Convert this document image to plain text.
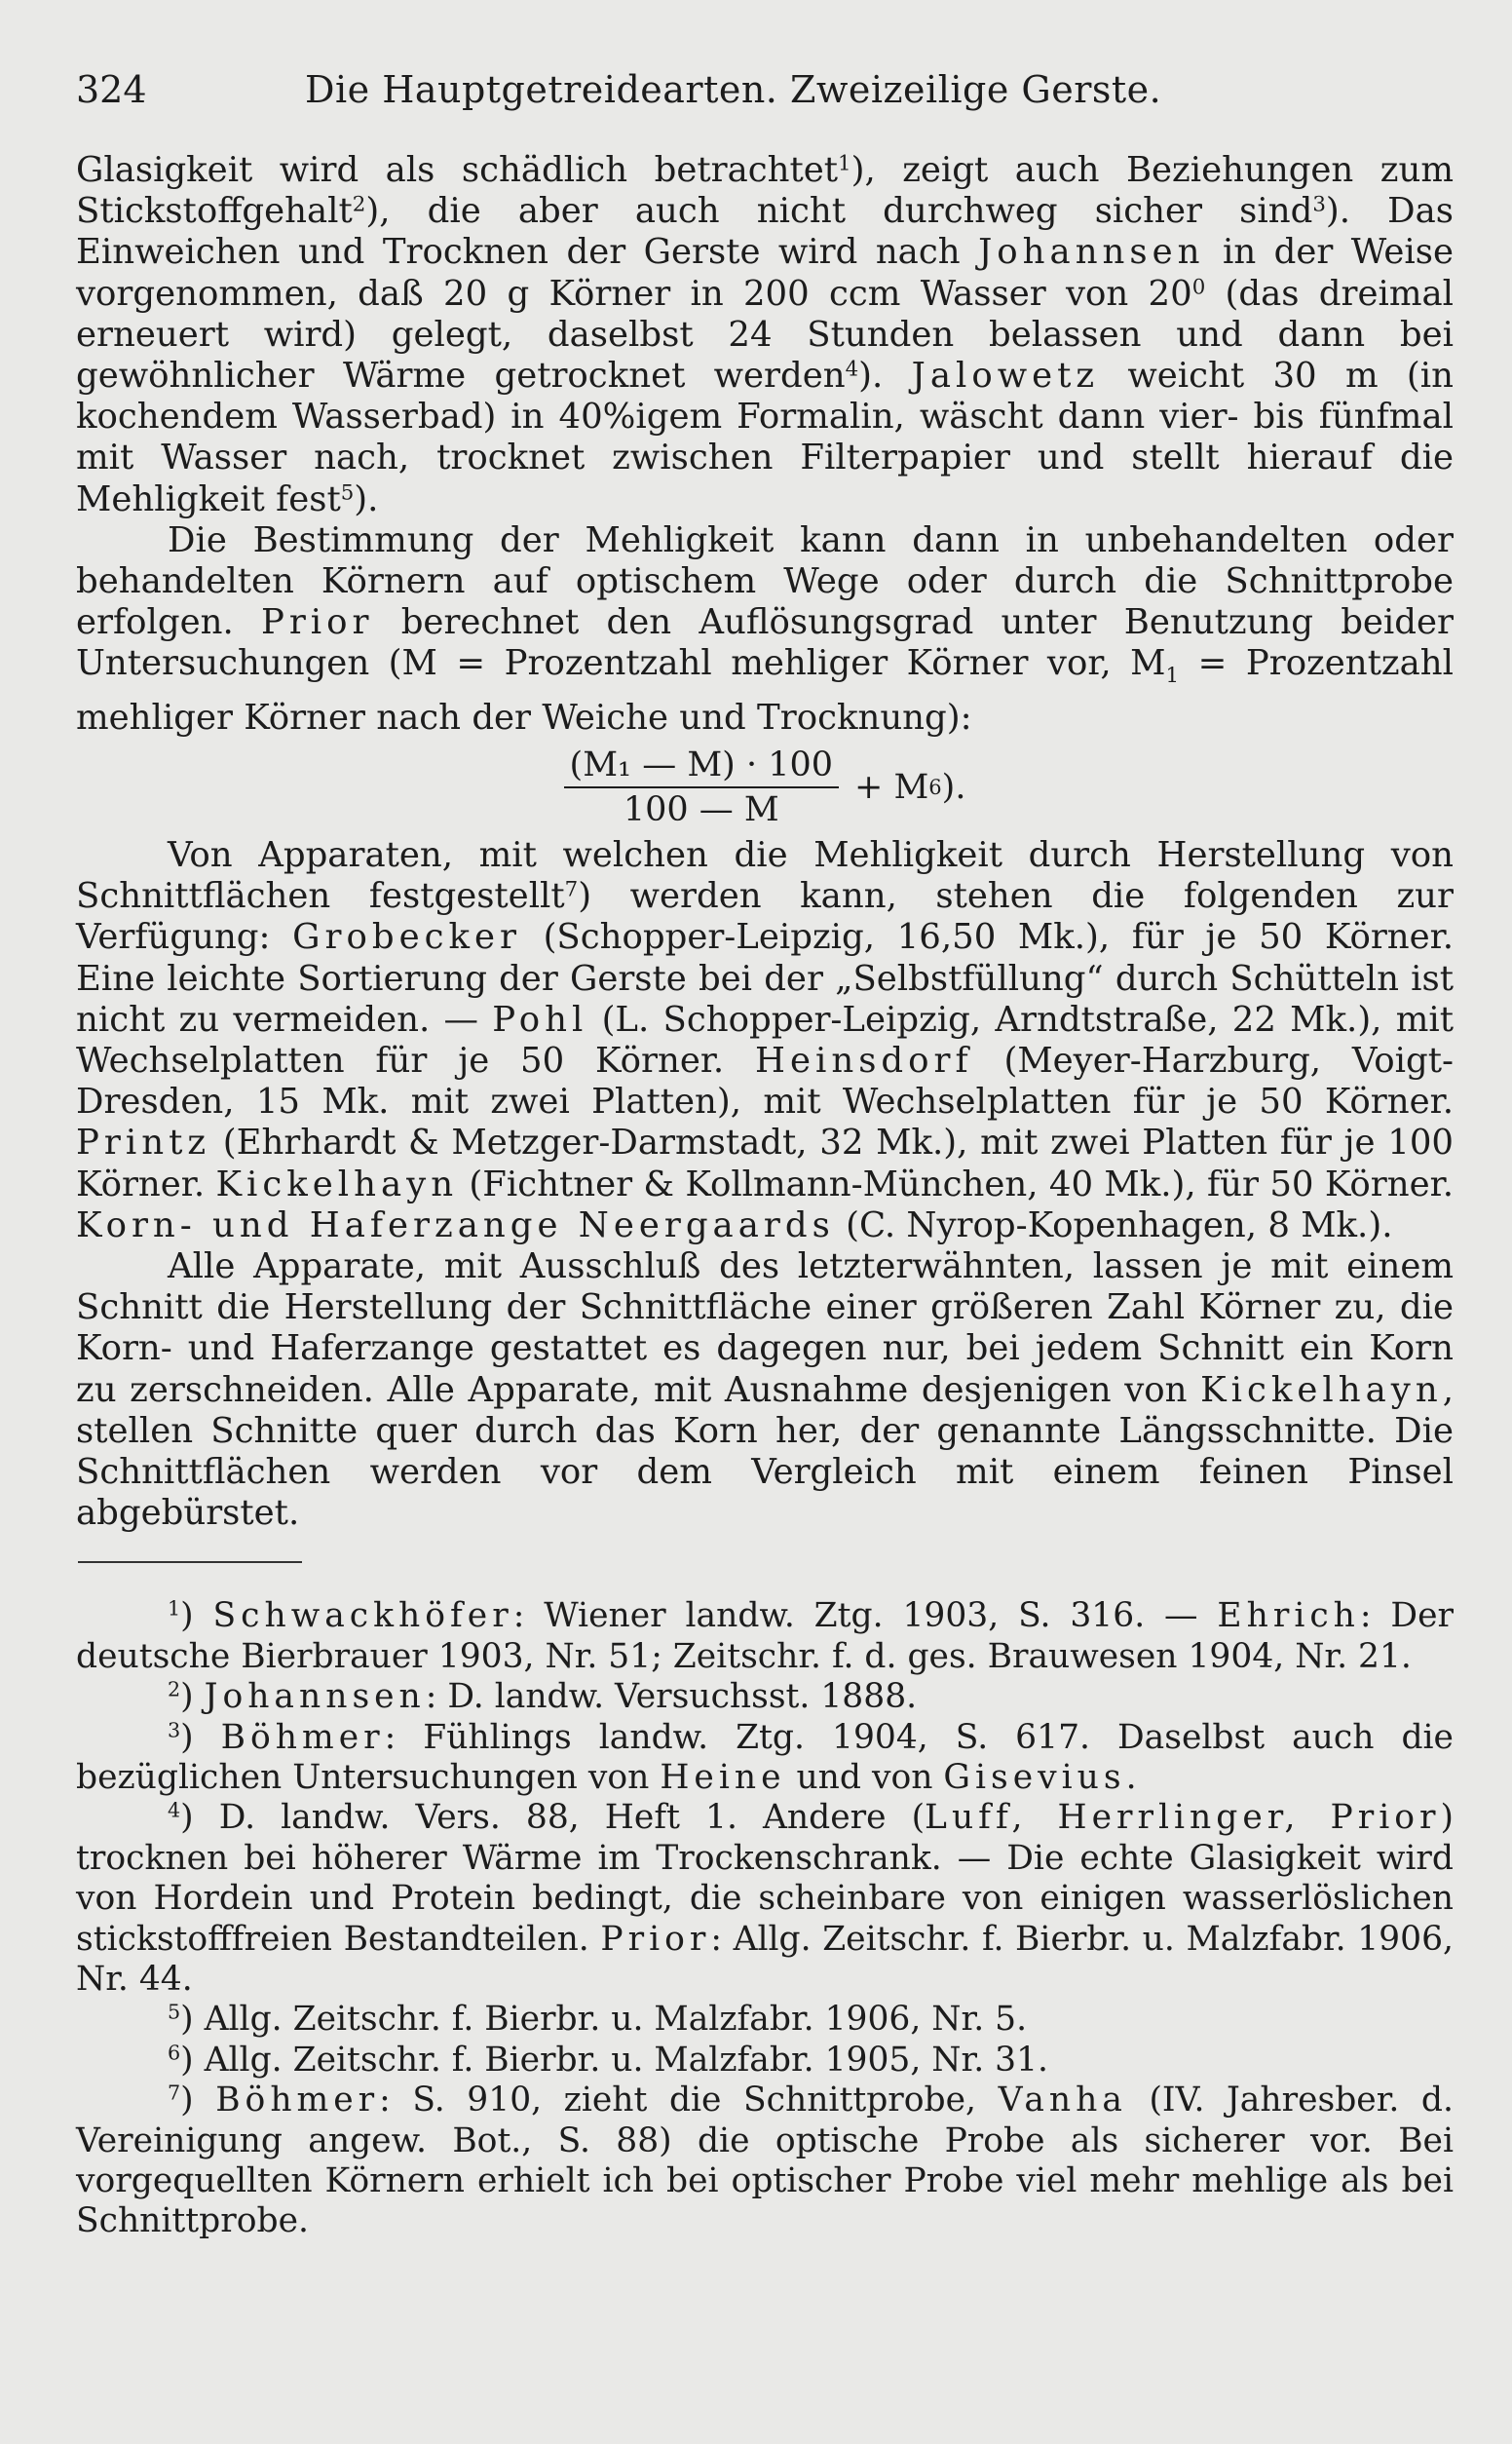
324	Die Hauptgetreidearten. Zweizeilige Gerste.

Glasigkeit wird als schädlich betrachtet$^1$), zeigt auch Beziehungen zum Stickstoffgehalt$^2$), die aber auch nicht durchweg sicher sind$^3$). Das Einweichen und Trocknen der Gerste wird nach Johannsen in der Weise vorgenommen, daß 20 g Körner in 200 ccm Wasser von $20^0$ (das dreimal erneuert wird) gelegt, daselbst 24 Stunden belassen und dann bei gewöhnlicher Wärme getrocknet werden$^4$). Jalowetz weicht 30 m (in kochendem Wasserbad) in 40%igem Formalin, wäscht dann vier- bis fünfmal mit Wasser nach, trocknet zwischen Filterpapier und stellt hierauf die Mehligkeit fest$^5$).

Die Bestimmung der Mehligkeit kann dann in unbehandelten oder behandelten Körnern auf optischem Wege oder durch die Schnittprobe erfolgen. Prior berechnet den Auflösungsgrad unter Benutzung beider Untersuchungen (M = Prozentzahl mehliger Körner vor, $M_1$ = Prozentzahl mehliger Körner nach der Weiche und Trocknung):

$\frac{\text{(M₁ — M) · 100}}{100 — M} + M$ 6 ).

Von Apparaten, mit welchen die Mehligkeit durch Herstellung von Schnittflächen festgestellt$^7$) werden kann, stehen die folgenden zur Verfügung: Grobecker (Schopper-Leipzig, 16,50 Mk.), für je 50 Körner. Eine leichte Sortierung der Gerste bei der „Selbstfüllung“ durch Schütteln ist nicht zu vermeiden. — Pohl (L. Schopper-Leipzig, Arndtstraße, 22 Mk.), mit Wechselplatten für je 50 Körner. Heinsdorf (Meyer-Harzburg, Voigt-Dresden, 15 Mk. mit zwei Platten), mit Wechselplatten für je 50 Körner. Printz (Ehrhardt & Metzger-Darmstadt, 32 Mk.), mit zwei Platten für je 100 Körner. Kickelhayn (Fichtner & Kollmann-München, 40 Mk.), für 50 Körner. Korn- und Haferzange Neergaards (C. Nyrop-Kopenhagen, 8 Mk.).

Alle Apparate, mit Ausschluß des letzterwähnten, lassen je mit einem Schnitt die Herstellung der Schnittfläche einer größeren Zahl Körner zu, die Korn- und Haferzange gestattet es dagegen nur, bei jedem Schnitt ein Korn zu zerschneiden. Alle Apparate, mit Ausnahme desjenigen von Kickelhayn, stellen Schnitte quer durch das Korn her, der genannte Längsschnitte. Die Schnittflächen werden vor dem Vergleich mit einem feinen Pinsel abgebürstet.

$^1$) Schwackhöfer: Wiener landw. Ztg. 1903, S. 316. — Ehrich: Der deutsche Bierbrauer 1903, Nr. 51; Zeitschr. f. d. ges. Brauwesen 1904, Nr. 21.

$^2$) Johannsen: D. landw. Versuchsst. 1888.

$^3$) Böhmer: Fühlings landw. Ztg. 1904, S. 617. Daselbst auch die bezüglichen Untersuchungen von Heine und von Gisevius.

$^4$) D. landw. Vers. 88, Heft 1. Andere (Luff, Herrlinger, Prior) trocknen bei höherer Wärme im Trockenschrank. — Die echte Glasigkeit wird von Hordein und Protein bedingt, die scheinbare von einigen wasserlöslichen stickstofffreien Bestandteilen. Prior: Allg. Zeitschr. f. Bierbr. u. Malzfabr. 1906, Nr. 44.

$^5$) Allg. Zeitschr. f. Bierbr. u. Malzfabr. 1906, Nr. 5.

$^6$) Allg. Zeitschr. f. Bierbr. u. Malzfabr. 1905, Nr. 31.

$^7$) Böhmer: S. 910, zieht die Schnittprobe, Vanha (IV. Jahresber. d. Vereinigung angew. Bot., S. 88) die optische Probe als sicherer vor. Bei vorgequellten Körnern erhielt ich bei optischer Probe viel mehr mehlige als bei Schnittprobe.
